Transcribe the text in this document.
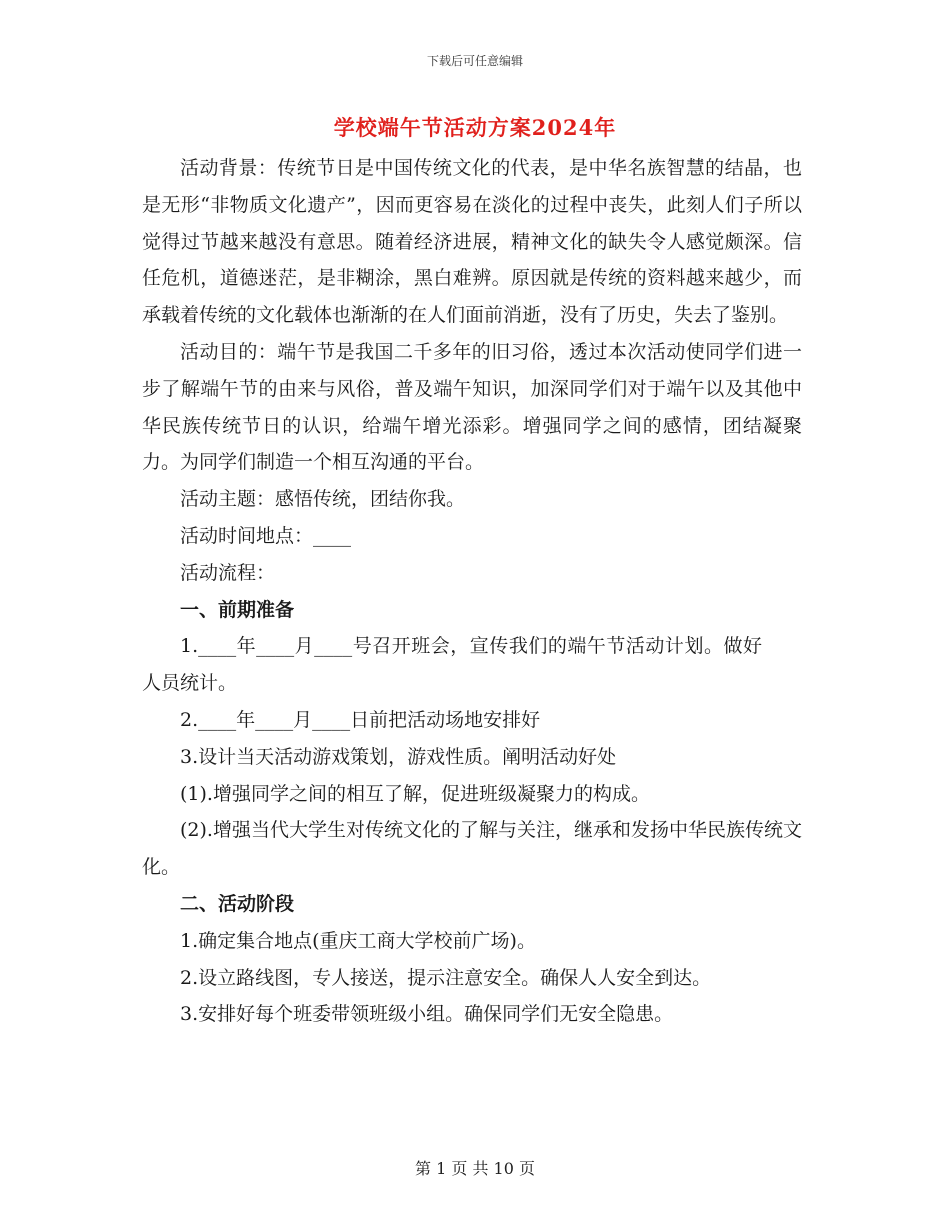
下载后可任意编辑
学校端午节活动方案2024年

活动背景：传统节日是中国传统文化的代表，是中华名族智慧的结晶，也是无形“非物质文化遗产”，因而更容易在淡化的过程中丧失，此刻人们子所以觉得过节越来越没有意思。随着经济进展，精神文化的缺失令人感觉颇深。信任危机，道德迷茫，是非糊涂，黑白难辨。原因就是传统的资料越来越少，而承载着传统的文化载体也渐渐的在人们面前消逝，没有了历史，失去了鉴别。

活动目的：端午节是我国二千多年的旧习俗，透过本次活动使同学们进一步了解端午节的由来与风俗，普及端午知识，加深同学们对于端午以及其他中华民族传统节日的认识，给端午增光添彩。增强同学之间的感情，团结凝聚力。为同学们制造一个相互沟通的平台。

活动主题：感悟传统，团结你我。

活动时间地点：____

活动流程：

一、前期准备

1.____年____月____号召开班会，宣传我们的端午节活动计划。做好人员统计。

2.____年____月____日前把活动场地安排好

3.设计当天活动游戏策划，游戏性质。阐明活动好处

(1).增强同学之间的相互了解，促进班级凝聚力的构成。

(2).增强当代大学生对传统文化的了解与关注，继承和发扬中华民族传统文化。

二、活动阶段

1.确定集合地点(重庆工商大学校前广场)。

2.设立路线图，专人接送，提示注意安全。确保人人安全到达。

3.安排好每个班委带领班级小组。确保同学们无安全隐患。

第 1 页 共 10 页
